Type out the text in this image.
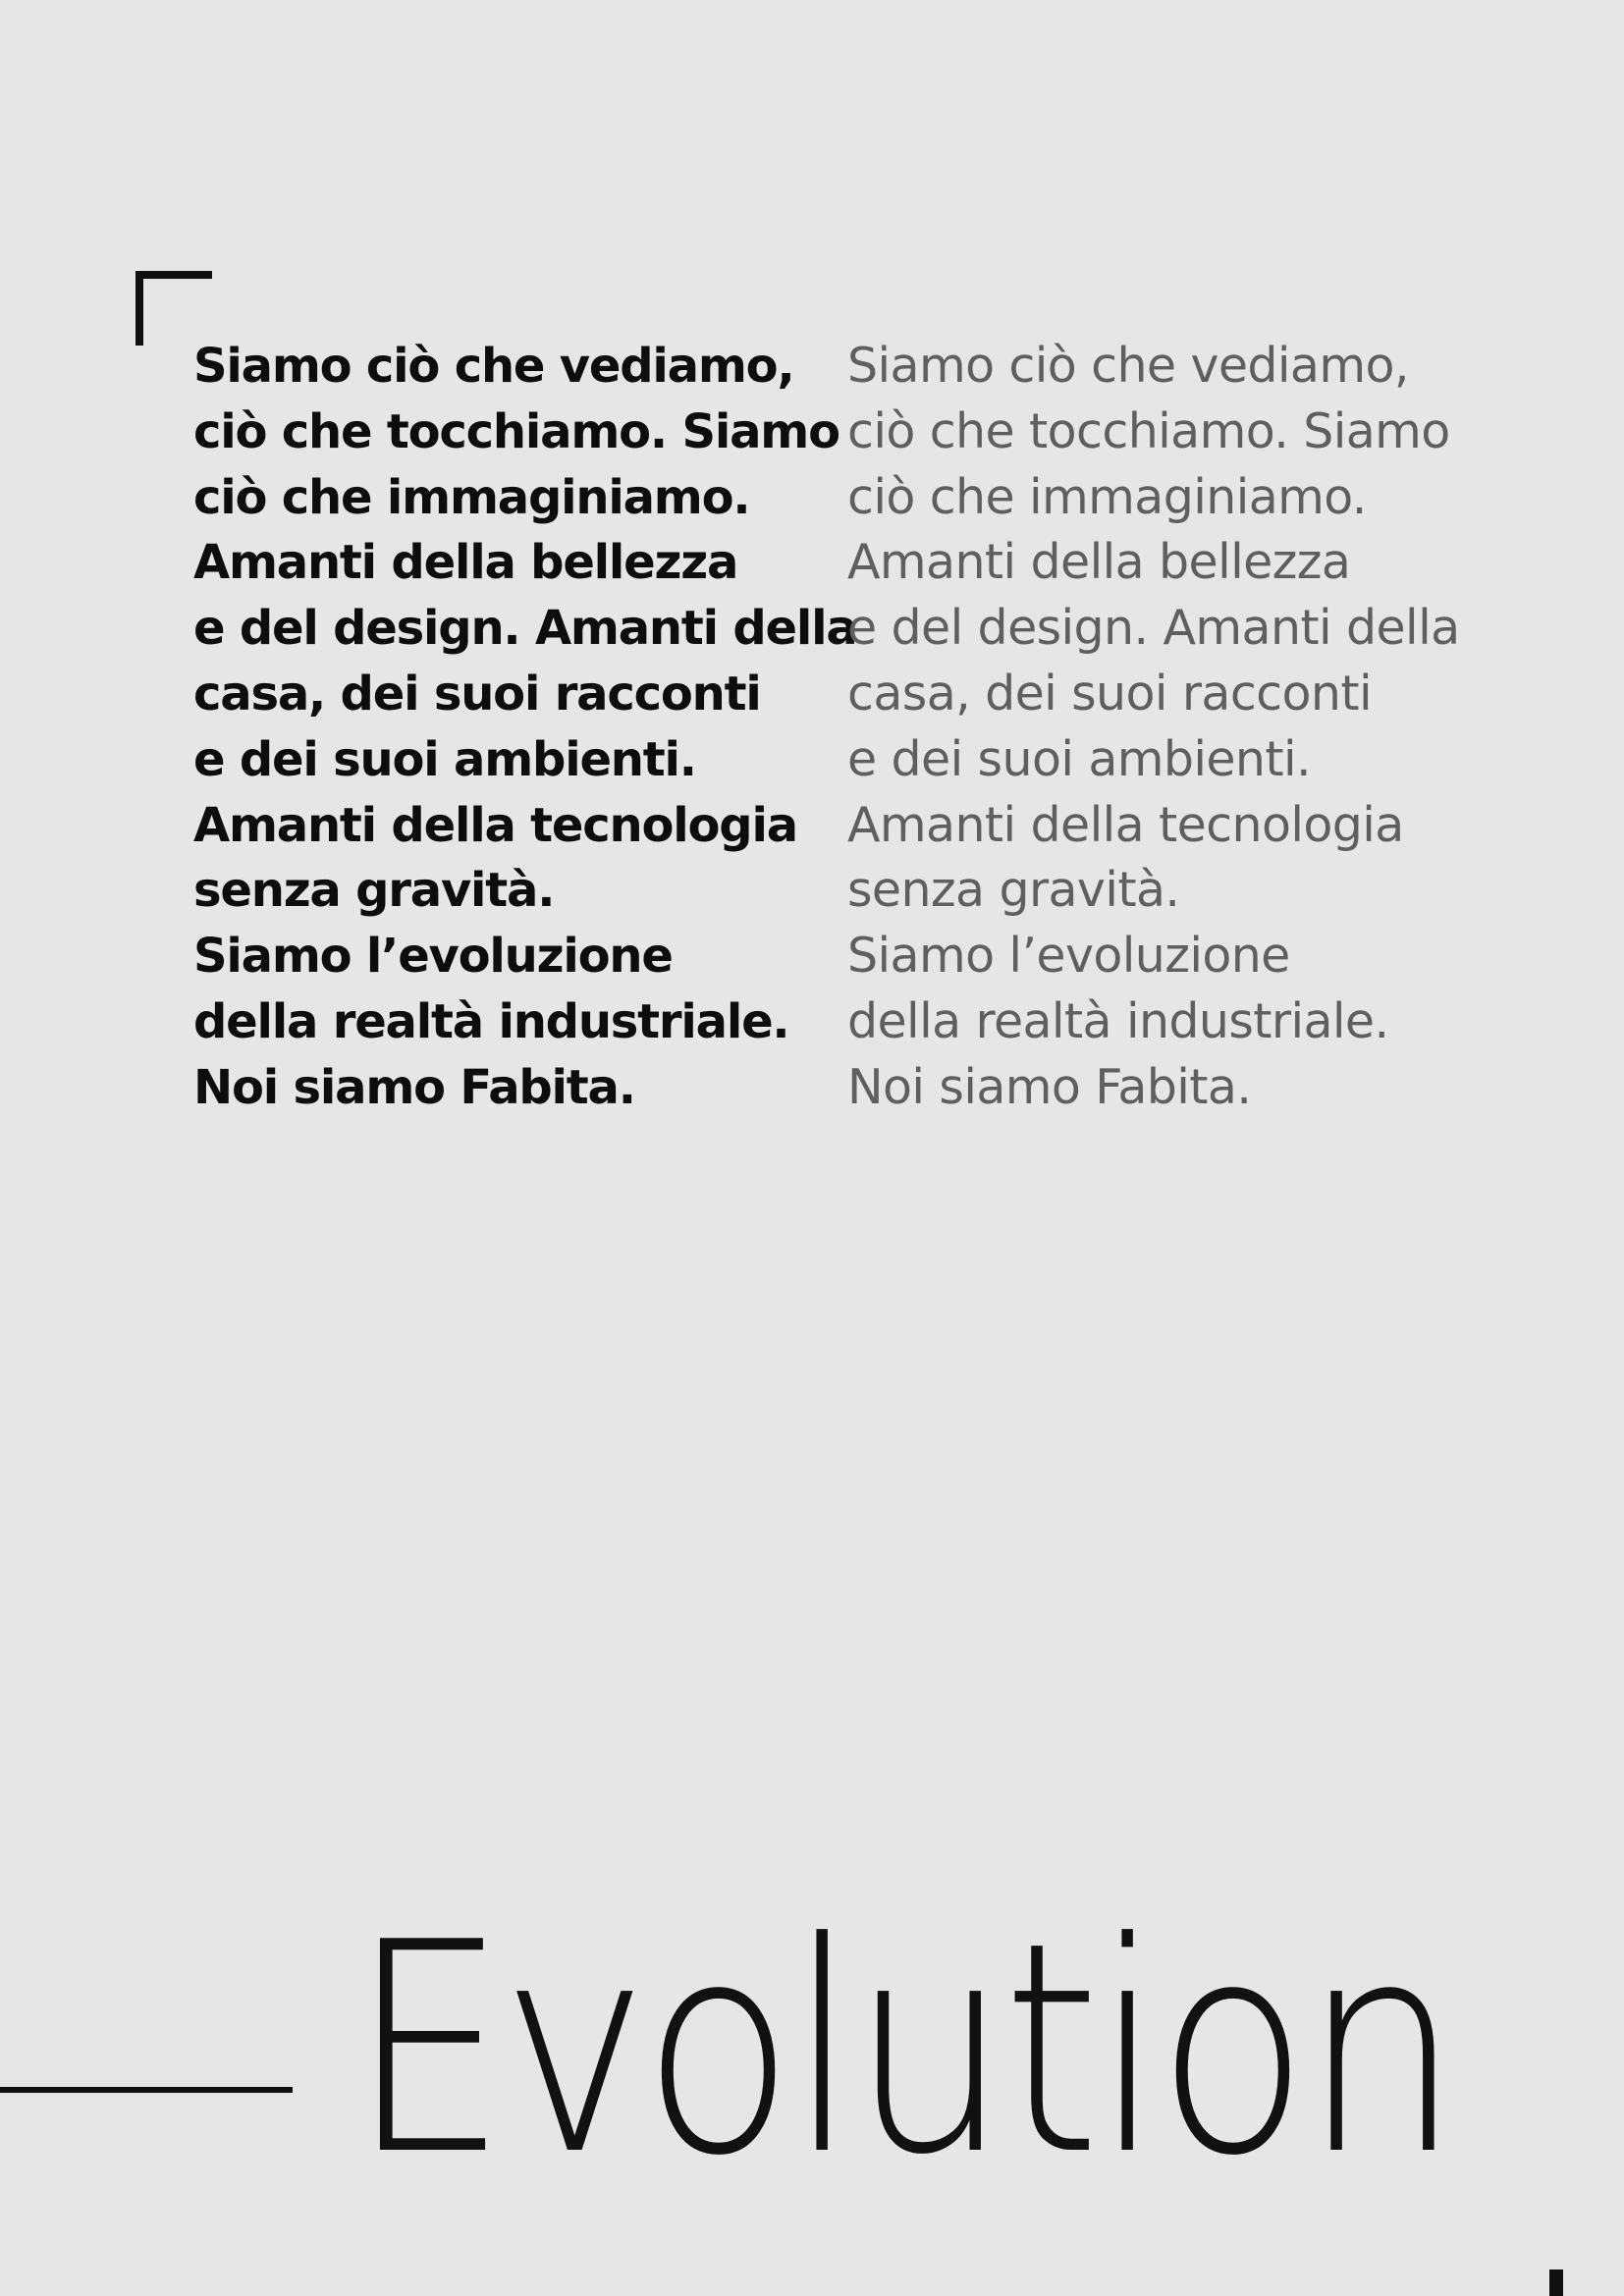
Siamo ciò che vediamo,
ciò che tocchiamo. Siamo
ciò che immaginiamo.
Amanti della bellezza
e del design. Amanti della
casa, dei suoi racconti
e dei suoi ambienti.
Amanti della tecnologia
senza gravità.
Siamo l’evoluzione
della realtà industriale.
Noi siamo Fabita.
Siamo ciò che vediamo,
ciò che tocchiamo. Siamo
ciò che immaginiamo.
Amanti della bellezza
e del design. Amanti della
casa, dei suoi racconti
e dei suoi ambienti.
Amanti della tecnologia
senza gravità.
Siamo l’evoluzione
della realtà industriale.
Noi siamo Fabita.
Evolution
